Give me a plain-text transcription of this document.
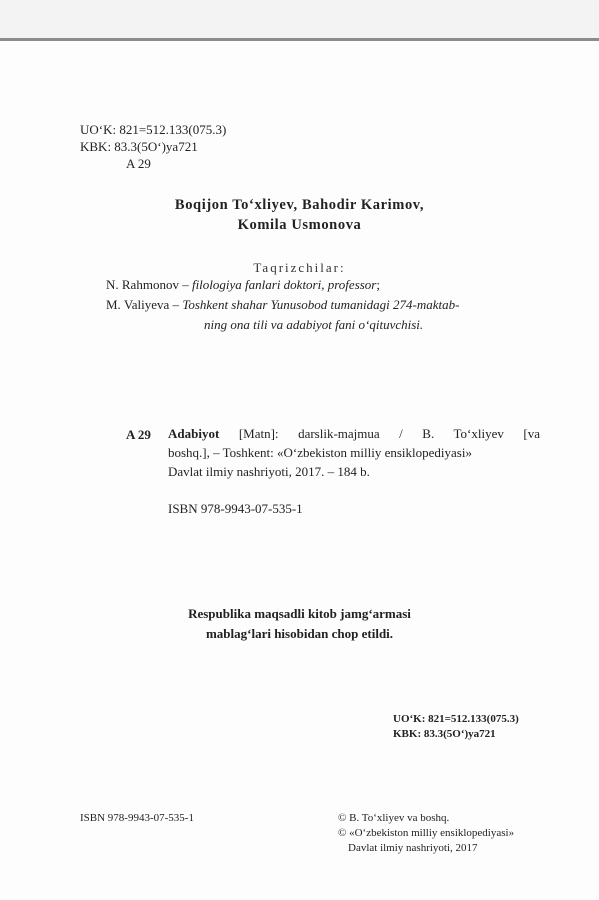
UO‘K: 821=512.133(075.3)
KBK: 83.3(5O‘)ya721
A 29
Boqijon To‘xliyev, Bahodir Karimov,
Komila Usmonova
Taqrizchilar:
N. Rahmonov – filologiya fanlari doktori, professor;
M. Valiyeva – Toshkent shahar Yunusobod tumanidagi 274-maktab-
ning ona tili va adabiyot fani o‘qituvchisi.
A 29 Adabiyot [Matn]: darslik-majmua / B. To‘xliyev [va
boshq.], – Toshkent: «O‘zbekiston milliy ensiklopediyasi»
Davlat ilmiy nashriyoti, 2017. – 184 b.
ISBN 978-9943-07-535-1
Respublika maqsadli kitob jamg‘armasi
mablag‘lari hisobidan chop etildi.
UO‘K: 821=512.133(075.3)
KBK: 83.3(5O‘)ya721
ISBN 978-9943-07-535-1	© B. To‘xliyev va boshq.
© «O‘zbekiston milliy ensiklopediyasi»
Davlat ilmiy nashriyoti, 2017
